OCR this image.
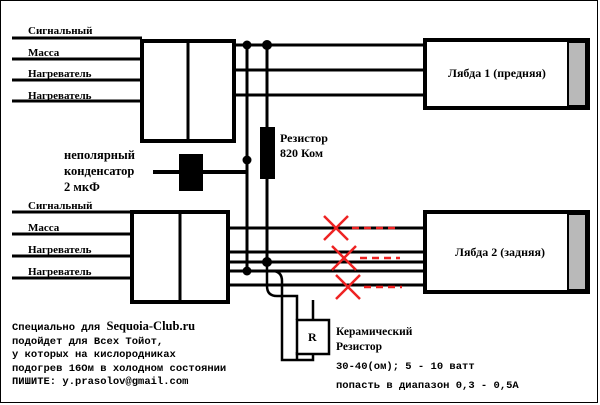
Сигнальный
Масса
Нагреватель
Нагреватель
Сигнальный
Масса
Нагреватель
Нагреватель
Лябда 1 (предняя)
Лябда 2 (задняя)
Резистор
820 Ком
неполярный
конденсатор
2 мкФ
R Керамический
Резистор
30-40(ом); 5 - 10 ватт
попасть в диапазон 0,3 - 0,5А
Специально для Sequoia-Club.ru
подойдет для Всех Тойот,
у которых на кислородниках
подогрев 16Ом в холодном состоянии
ПИШИТЕ: y.prasolov@gmail.com
